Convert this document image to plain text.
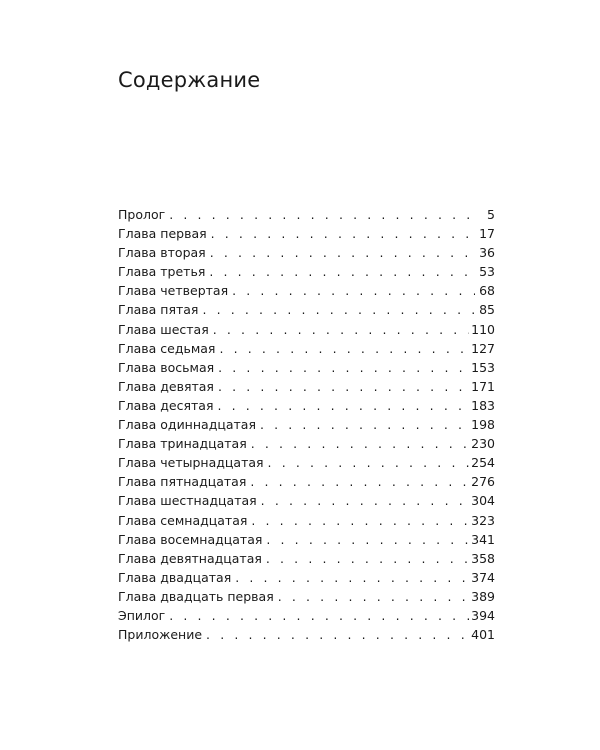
Содержание
Пролог . . .	5
Глава первая . . .	17
Глава вторая . . .	36
Глава третья . . .	53
Глава четвертая . . .	68
Глава пятая . . .	85
Глава шестая . . .	110
Глава седьмая . . .	127
Глава восьмая . . .	153
Глава девятая . . .	171
Глава десятая . . .	183
Глава одиннадцатая . . .	198
Глава тринадцатая . . .	230
Глава четырнадцатая . . .	254
Глава пятнадцатая . . .	276
Глава шестнадцатая . . .	304
Глава семнадцатая . . .	323
Глава восемнадцатая . . .	341
Глава девятнадцатая . . .	358
Глава двадцатая . . .	374
Глава двадцать первая . . .	389
Эпилог . . .	394
Приложение . . .	401
